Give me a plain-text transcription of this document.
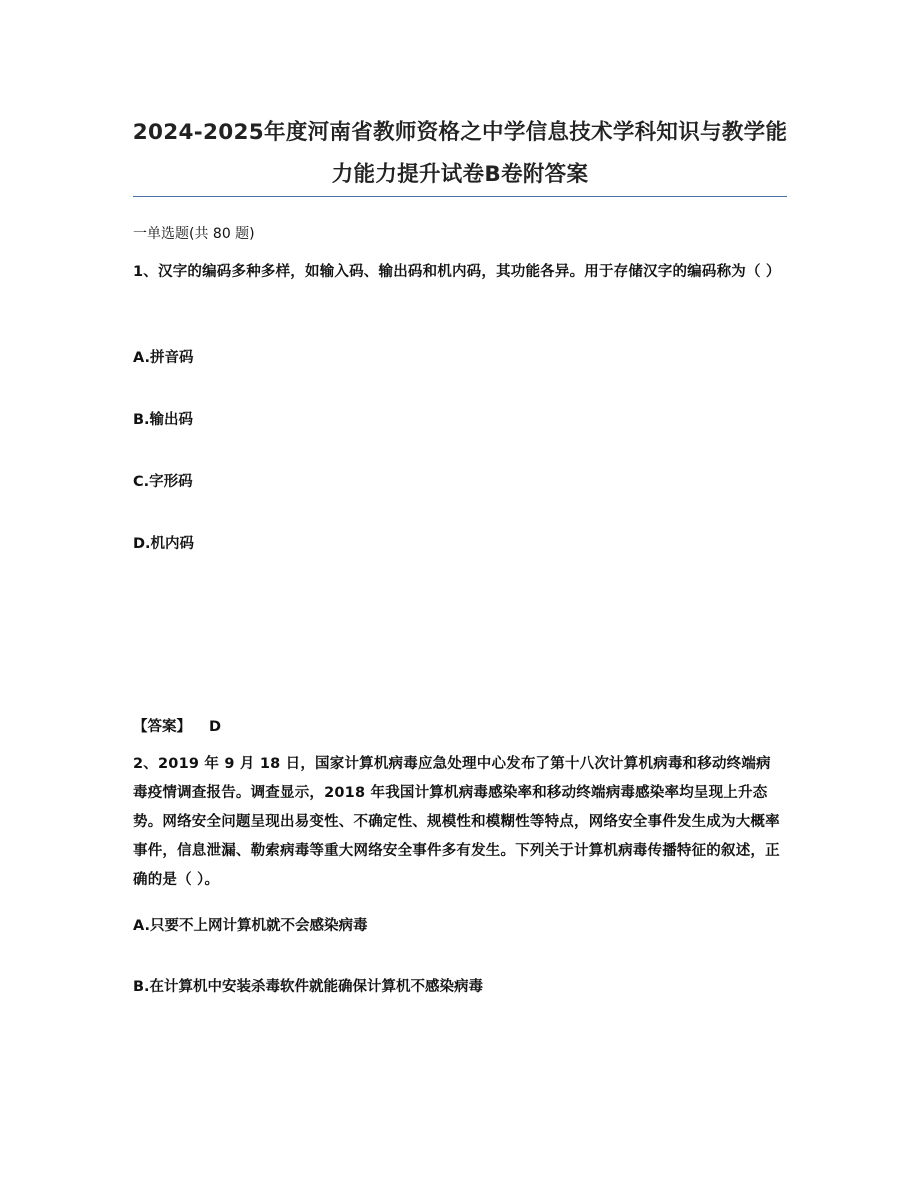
2024-2025年度河南省教师资格之中学信息技术学科知识与教学能力能力提升试卷B卷附答案
一单选题(共 80 题)
1、汉字的编码多种多样，如输入码、输出码和机内码，其功能各异。用于存储汉字的编码称为（ ）
A.拼音码
B.输出码
C.字形码
D.机内码
【答案】 D
2、2019 年 9 月 18 日，国家计算机病毒应急处理中心发布了第十八次计算机病毒和移动终端病毒疫情调查报告。调查显示，2018 年我国计算机病毒感染率和移动终端病毒感染率均呈现上升态势。网络安全问题呈现出易变性、不确定性、规模性和模糊性等特点，网络安全事件发生成为大概率事件，信息泄漏、勒索病毒等重大网络安全事件多有发生。下列关于计算机病毒传播特征的叙述，正确的是（ ）。
A.只要不上网计算机就不会感染病毒
B.在计算机中安装杀毒软件就能确保计算机不感染病毒
